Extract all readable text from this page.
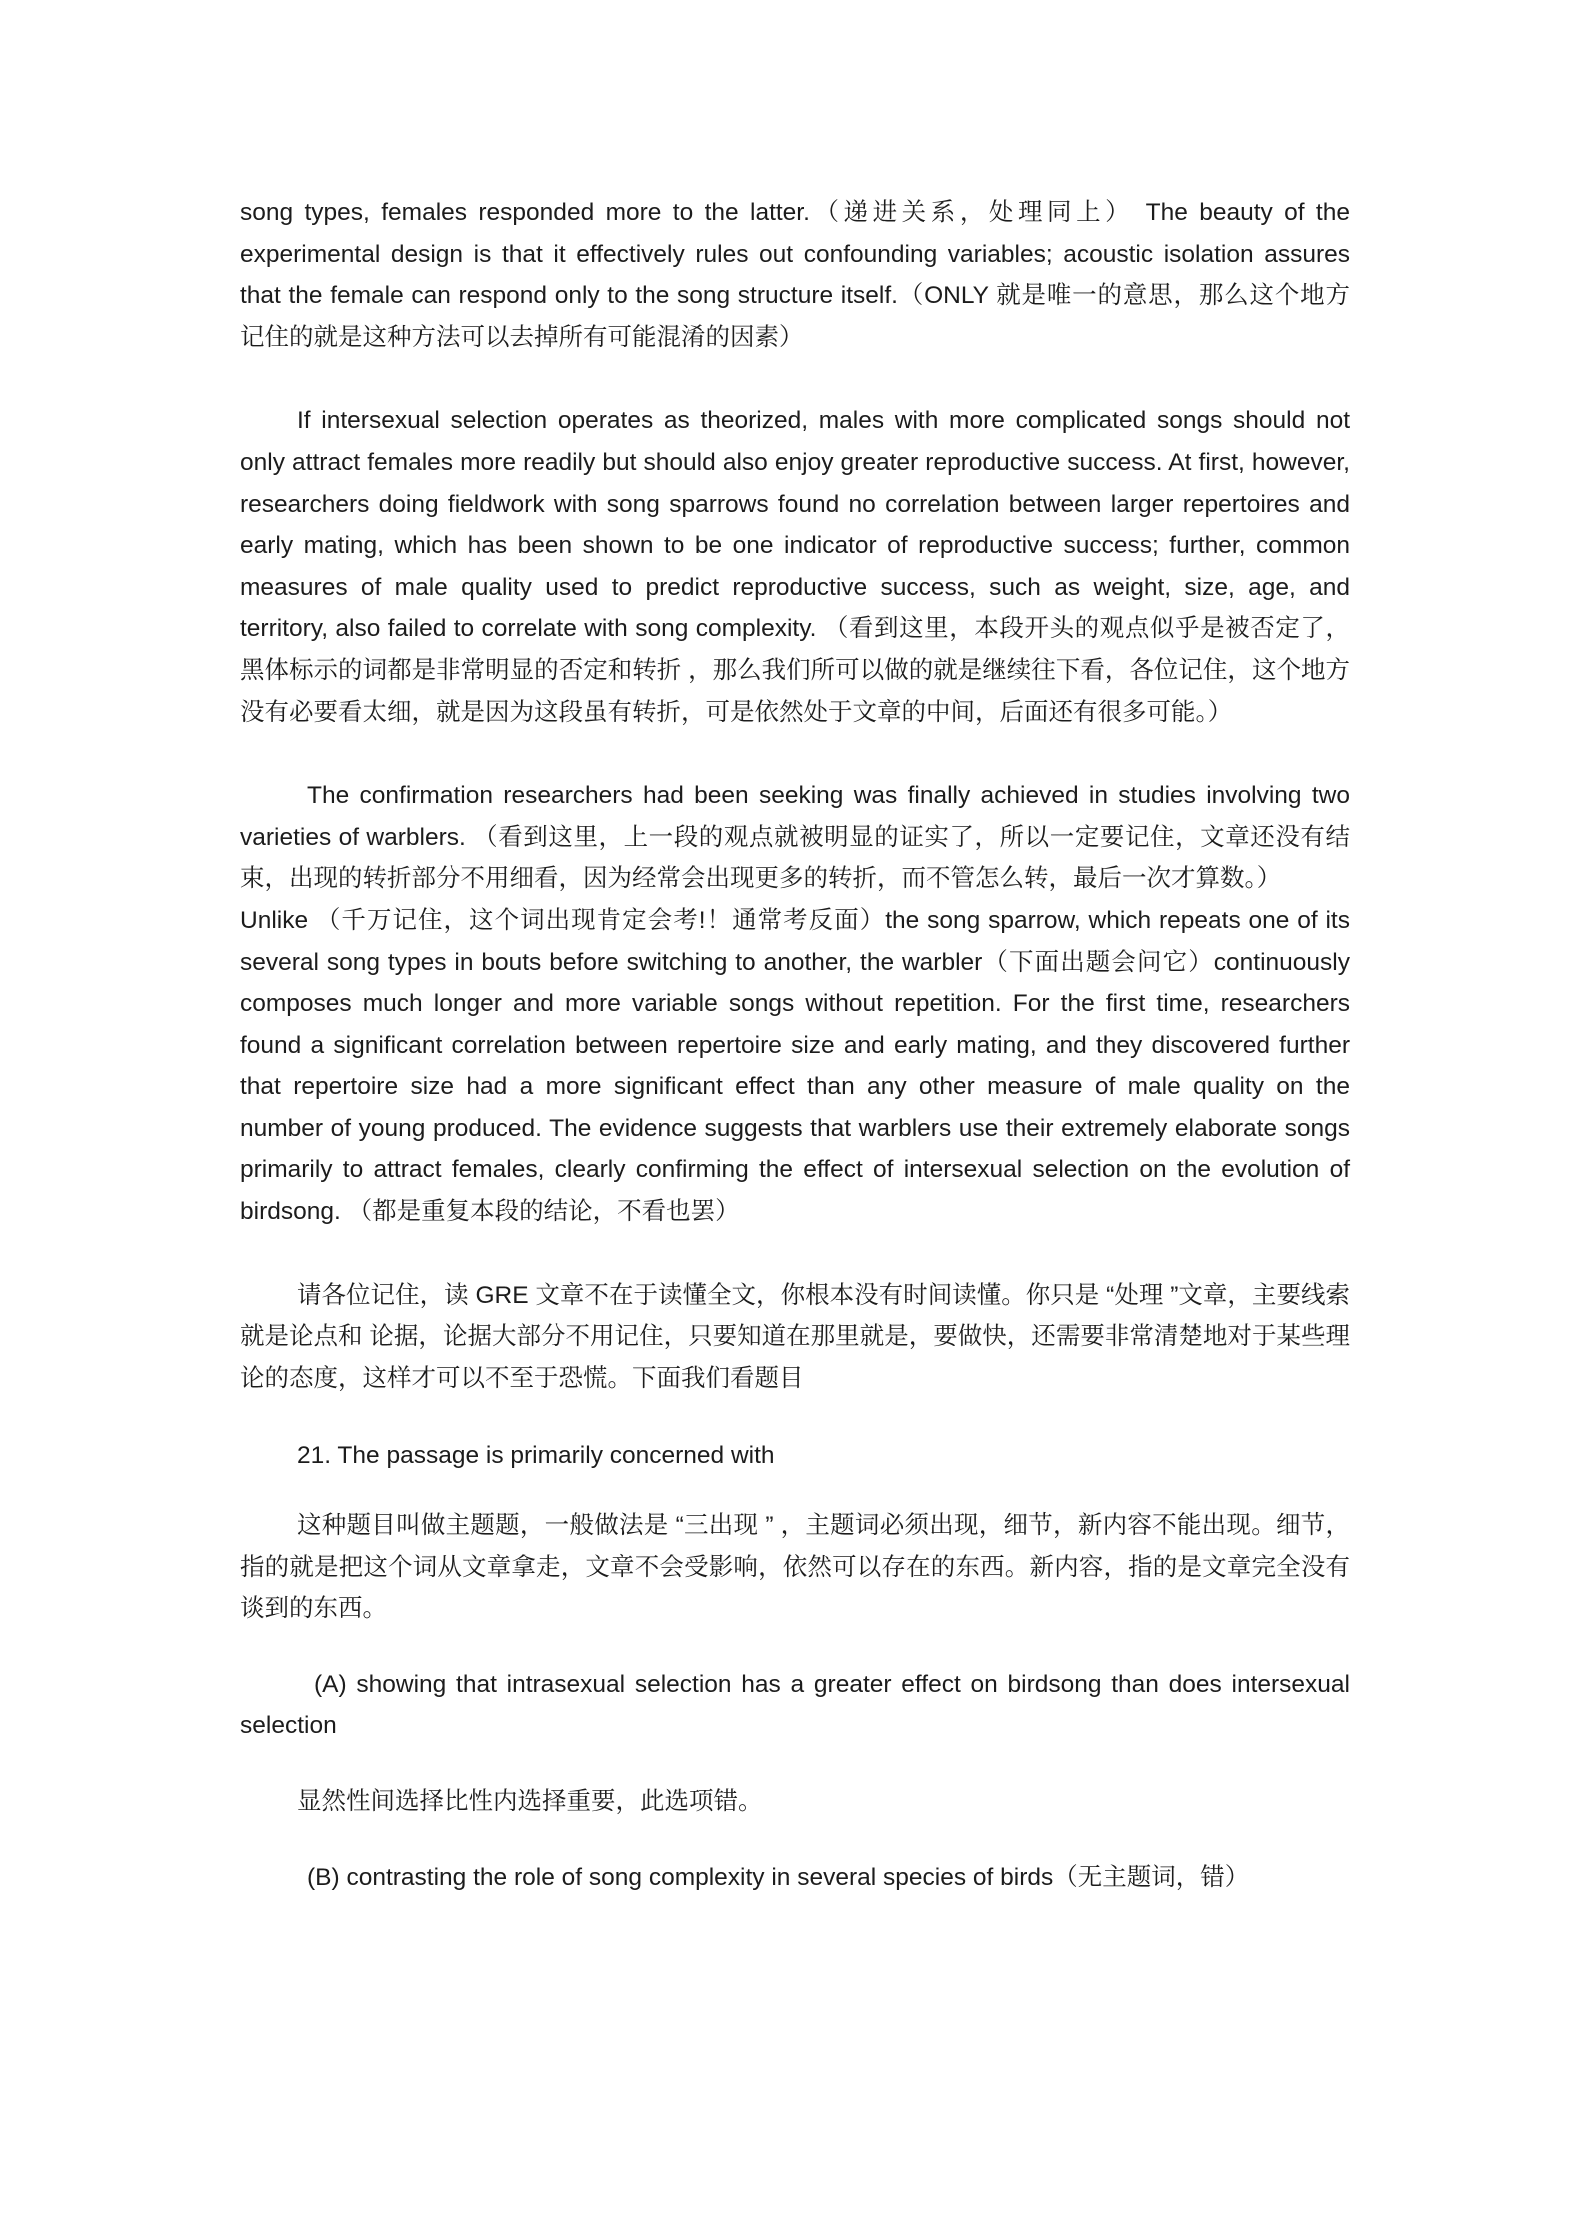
song types, females responded more to the latter.（递进关系，处理同上） The beauty of the experimental design is that it effectively rules out confounding variables; acoustic isolation assures that the female can respond only to the song structure itself.（ONLY 就是唯一的意思，那么这个地方记住的就是这种方法可以去掉所有可能混淆的因素）

If intersexual selection operates as theorized, males with more complicated songs should not only attract females more readily but should also enjoy greater reproductive success. At first, however, researchers doing fieldwork with song sparrows found no correlation between larger repertoires and early mating, which has been shown to be one indicator of reproductive success; further, common measures of male quality used to predict reproductive success, such as weight, size, age, and territory, also failed to correlate with song complexity. （看到这里，本段开头的观点似乎是被否定了，黑体标示的词都是非常明显的否定和转折 ，那么我们所可以做的就是继续往下看，各位记住，这个地方没有必要看太细，就是因为这段虽有转折，可是依然处于文章的中间，后面还有很多可能。）

The confirmation researchers had been seeking was finally achieved in studies involving two varieties of warblers. （看到这里，上一段的观点就被明显的证实了，所以一定要记住，文章还没有结束，出现的转折部分不用细看，因为经常会出现更多的转折，而不管怎么转，最后一次才算数。）

Unlike （千万记住，这个词出现肯定会考!！通常考反面）the song sparrow, which repeats one of its several song types in bouts before switching to another, the warbler（下面出题会问它）continuously composes much longer and more variable songs without repetition. For the first time, researchers found a significant correlation between repertoire size and early mating, and they discovered further that repertoire size had a more significant effect than any other measure of male quality on the number of young produced. The evidence suggests that warblers use their extremely elaborate songs primarily to attract females, clearly confirming the effect of intersexual selection on the evolution of birdsong. （都是重复本段的结论，不看也罢）

请各位记住，读 GRE 文章不在于读懂全文，你根本没有时间读懂。你只是 “处理 ”文章，主要线索就是论点和 论据，论据大部分不用记住，只要知道在那里就是，要做快，还需要非常清楚地对于某些理论的态度，这样才可以不至于恐慌。下面我们看题目

21. The passage is primarily concerned with

这种题目叫做主题题，一般做法是 “三出现 ” ，主题词必须出现，细节，新内容不能出现。细节，指的就是把这个词从文章拿走，文章不会受影响，依然可以存在的东西。新内容，指的是文章完全没有谈到的东西。

(A) showing that intrasexual selection has a greater effect on birdsong than does intersexual selection

显然性间选择比性内选择重要，此选项错。

(B) contrasting the role of song complexity in several species of birds（无主题词，错）
